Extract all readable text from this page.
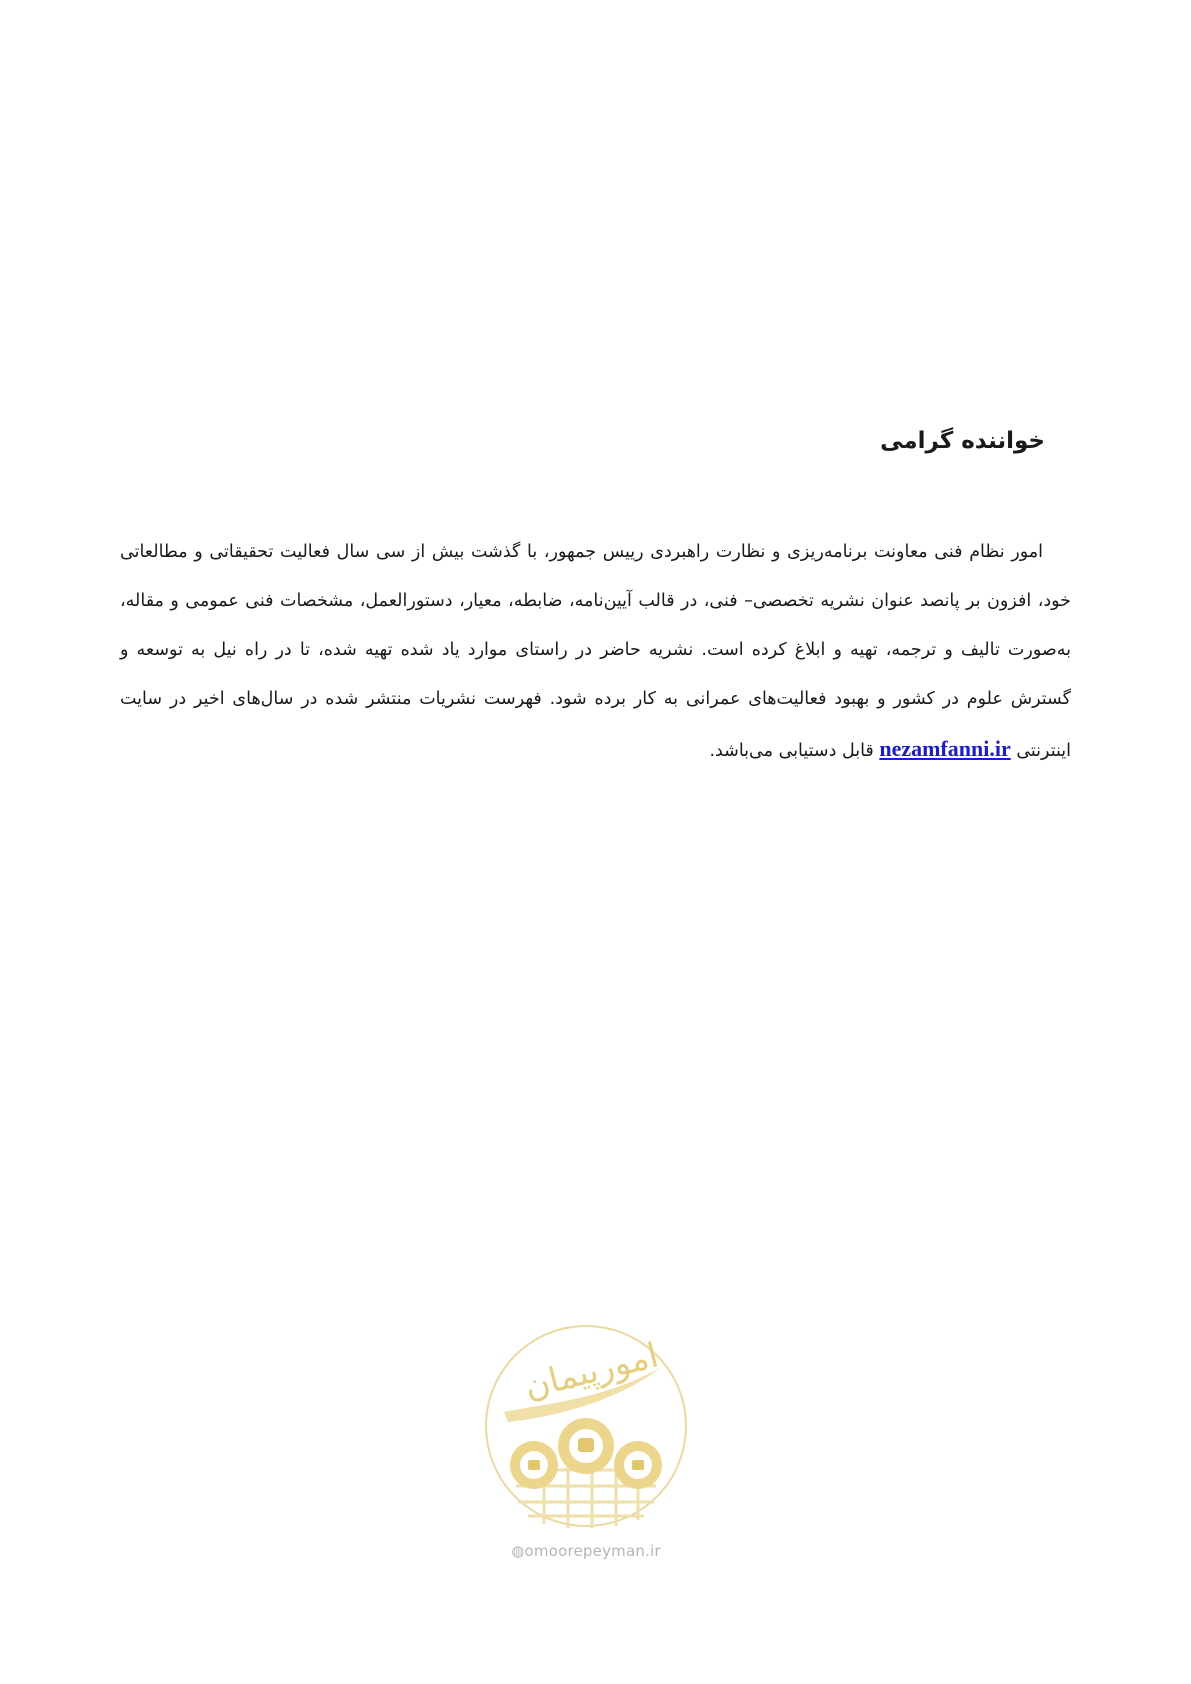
خواننده گرامی

امور نظام فنی معاونت برنامه‌ریزی و نظارت راهبردی رییس جمهور، با گذشت بیش از سی سال فعالیت تحقیقاتی و مطالعاتی خود، افزون بر پانصد عنوان نشریه تخصصی– فنی، در قالب آیین‌نامه، ضابطه، معیار، دستورالعمل، مشخصات فنی عمومی و مقاله، به‌صورت تالیف و ترجمه، تهیه و ابلاغ کرده است. نشریه حاضر در راستای موارد یاد شده تهیه شده، تا در راه نیل به توسعه و گسترش علوم در کشور و بهبود فعالیت‌های عمرانی به کار برده شود. فهرست نشریات منتشر شده در سال‌های اخیر در سایت اینترنتی nezamfanni.ir قابل دستیابی می‌باشد.

امورپیمان
◍omoorepeyman.ir
